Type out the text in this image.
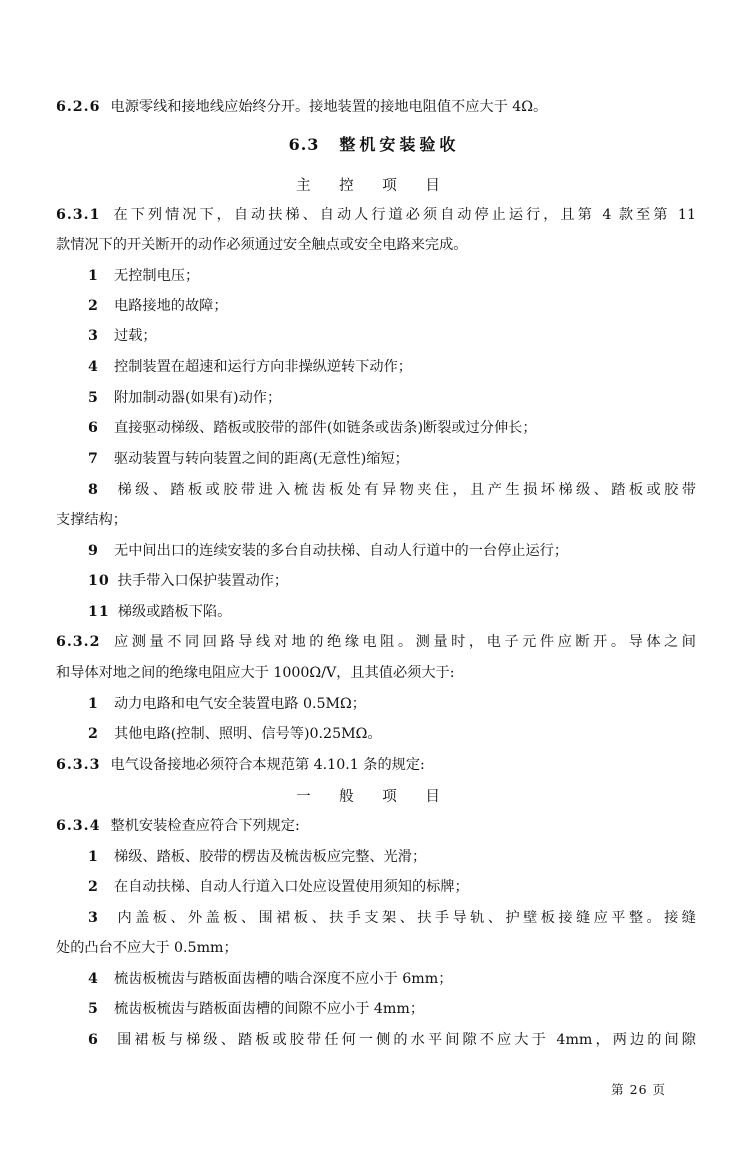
6.2.6 电源零线和接地线应始终分开。接地装置的接地电阻值不应大于 4Ω。
6.3 整机安装验收
主 控 项 目
6.3.1 在下列情况下，自动扶梯、自动人行道必须自动停止运行，且第 4 款至第 11
款情况下的开关断开的动作必须通过安全触点或安全电路来完成。
1 无控制电压；
2 电路接地的故障；
3 过载；
4 控制装置在超速和运行方向非操纵逆转下动作；
5 附加制动器(如果有)动作；
6 直接驱动梯级、踏板或胶带的部件(如链条或齿条)断裂或过分伸长；
7 驱动装置与转向装置之间的距离(无意性)缩短；
8 梯级、踏板或胶带进入梳齿板处有异物夹住，且产生损坏梯级、踏板或胶带
支撑结构；
9 无中间出口的连续安装的多台自动扶梯、自动人行道中的一台停止运行；
10 扶手带入口保护装置动作；
11 梯级或踏板下陷。
6.3.2 应测量不同回路导线对地的绝缘电阻。测量时，电子元件应断开。导体之间
和导体对地之间的绝缘电阻应大于 1000Ω/V，且其值必须大于:
1 动力电路和电气安全装置电路 0.5MΩ；
2 其他电路(控制、照明、信号等)0.25MΩ。
6.3.3 电气设备接地必须符合本规范第 4.10.1 条的规定:
一 般 项 目
6.3.4 整机安装检查应符合下列规定:
1 梯级、踏板、胶带的楞齿及梳齿板应完整、光滑；
2 在自动扶梯、自动人行道入口处应设置使用须知的标牌；
3 内盖板、外盖板、围裙板、扶手支架、扶手导轨、护壁板接缝应平整。接缝
处的凸台不应大于 0.5mm；
4 梳齿板梳齿与踏板面齿槽的啮合深度不应小于 6mm；
5 梳齿板梳齿与踏板面齿槽的间隙不应小于 4mm；
6 围裙板与梯级、踏板或胶带任何一侧的水平间隙不应大于 4mm，两边的间隙
第 26 页
